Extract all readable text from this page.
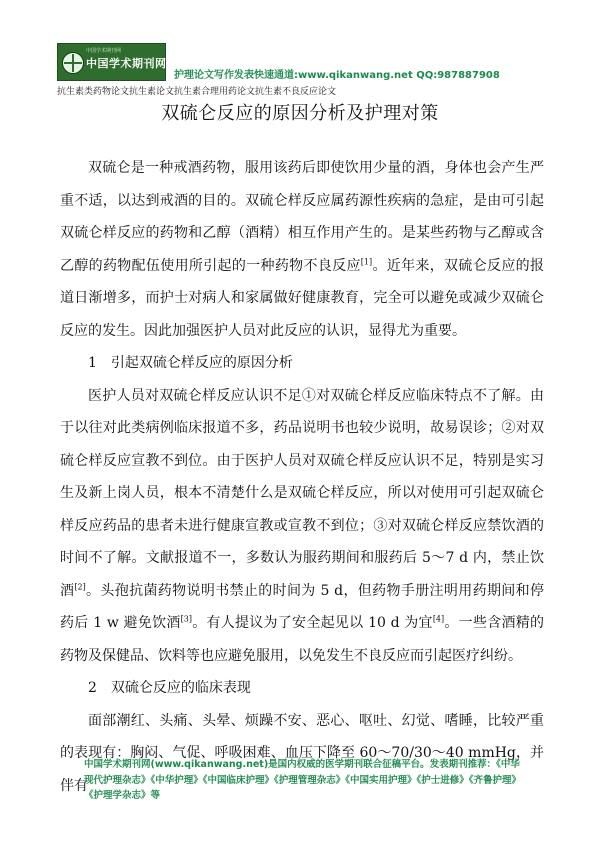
中国学术期刊网
中国学术期刊网
护理论文写作发表快速通道:www.qikanwang.net QQ:987887908
抗生素类药物论文抗生素论文抗生素合理用药论文抗生素不良反应论文
双硫仑反应的原因分析及护理对策

双硫仑是一种戒酒药物，服用该药后即使饮用少量的酒，身体也会产生严重不适，以达到戒酒的目的。双硫仑样反应属药源性疾病的急症，是由可引起双硫仑样反应的药物和乙醇（酒精）相互作用产生的。是某些药物与乙醇或含乙醇的药物配伍使用所引起的一种药物不良反应[1]。近年来，双硫仑反应的报道日渐增多，而护士对病人和家属做好健康教育，完全可以避免或减少双硫仑反应的发生。因此加强医护人员对此反应的认识，显得尤为重要。

1　引起双硫仑样反应的原因分析

医护人员对双硫仑样反应认识不足①对双硫仑样反应临床特点不了解。由于以往对此类病例临床报道不多，药品说明书也较少说明，故易误诊；②对双硫仑样反应宣教不到位。由于医护人员对双硫仑样反应认识不足，特别是实习生及新上岗人员，根本不清楚什么是双硫仑样反应，所以对使用可引起双硫仑样反应药品的患者未进行健康宣教或宣教不到位；③对双硫仑样反应禁饮酒的时间不了解。文献报道不一，多数认为服药期间和服药后 5～7 d 内，禁止饮酒[2]。头孢抗菌药物说明书禁止的时间为 5 d，但药物手册注明用药期间和停药后 1 w 避免饮酒[3]。有人提议为了安全起见以 10 d 为宜[4]。一些含酒精的药物及保健品、饮料等也应避免服用，以免发生不良反应而引起医疗纠纷。

2　双硫仑反应的临床表现

面部潮红、头痛、头晕、烦躁不安、恶心、呕吐、幻觉、嗜睡，比较严重的表现有：胸闷、气促、呼吸困难、血压下降至 60～70/30～40 mmHg，并伴有

中国学术期刊网(www.qikanwang.net)是国内权威的医学期刊联合征稿平台。发表期刊推荐：《中华现代护理杂志》《中华护理》《中国临床护理》《护理管理杂志》《中国实用护理》《护士进修》《齐鲁护理》《护理学杂志》等
